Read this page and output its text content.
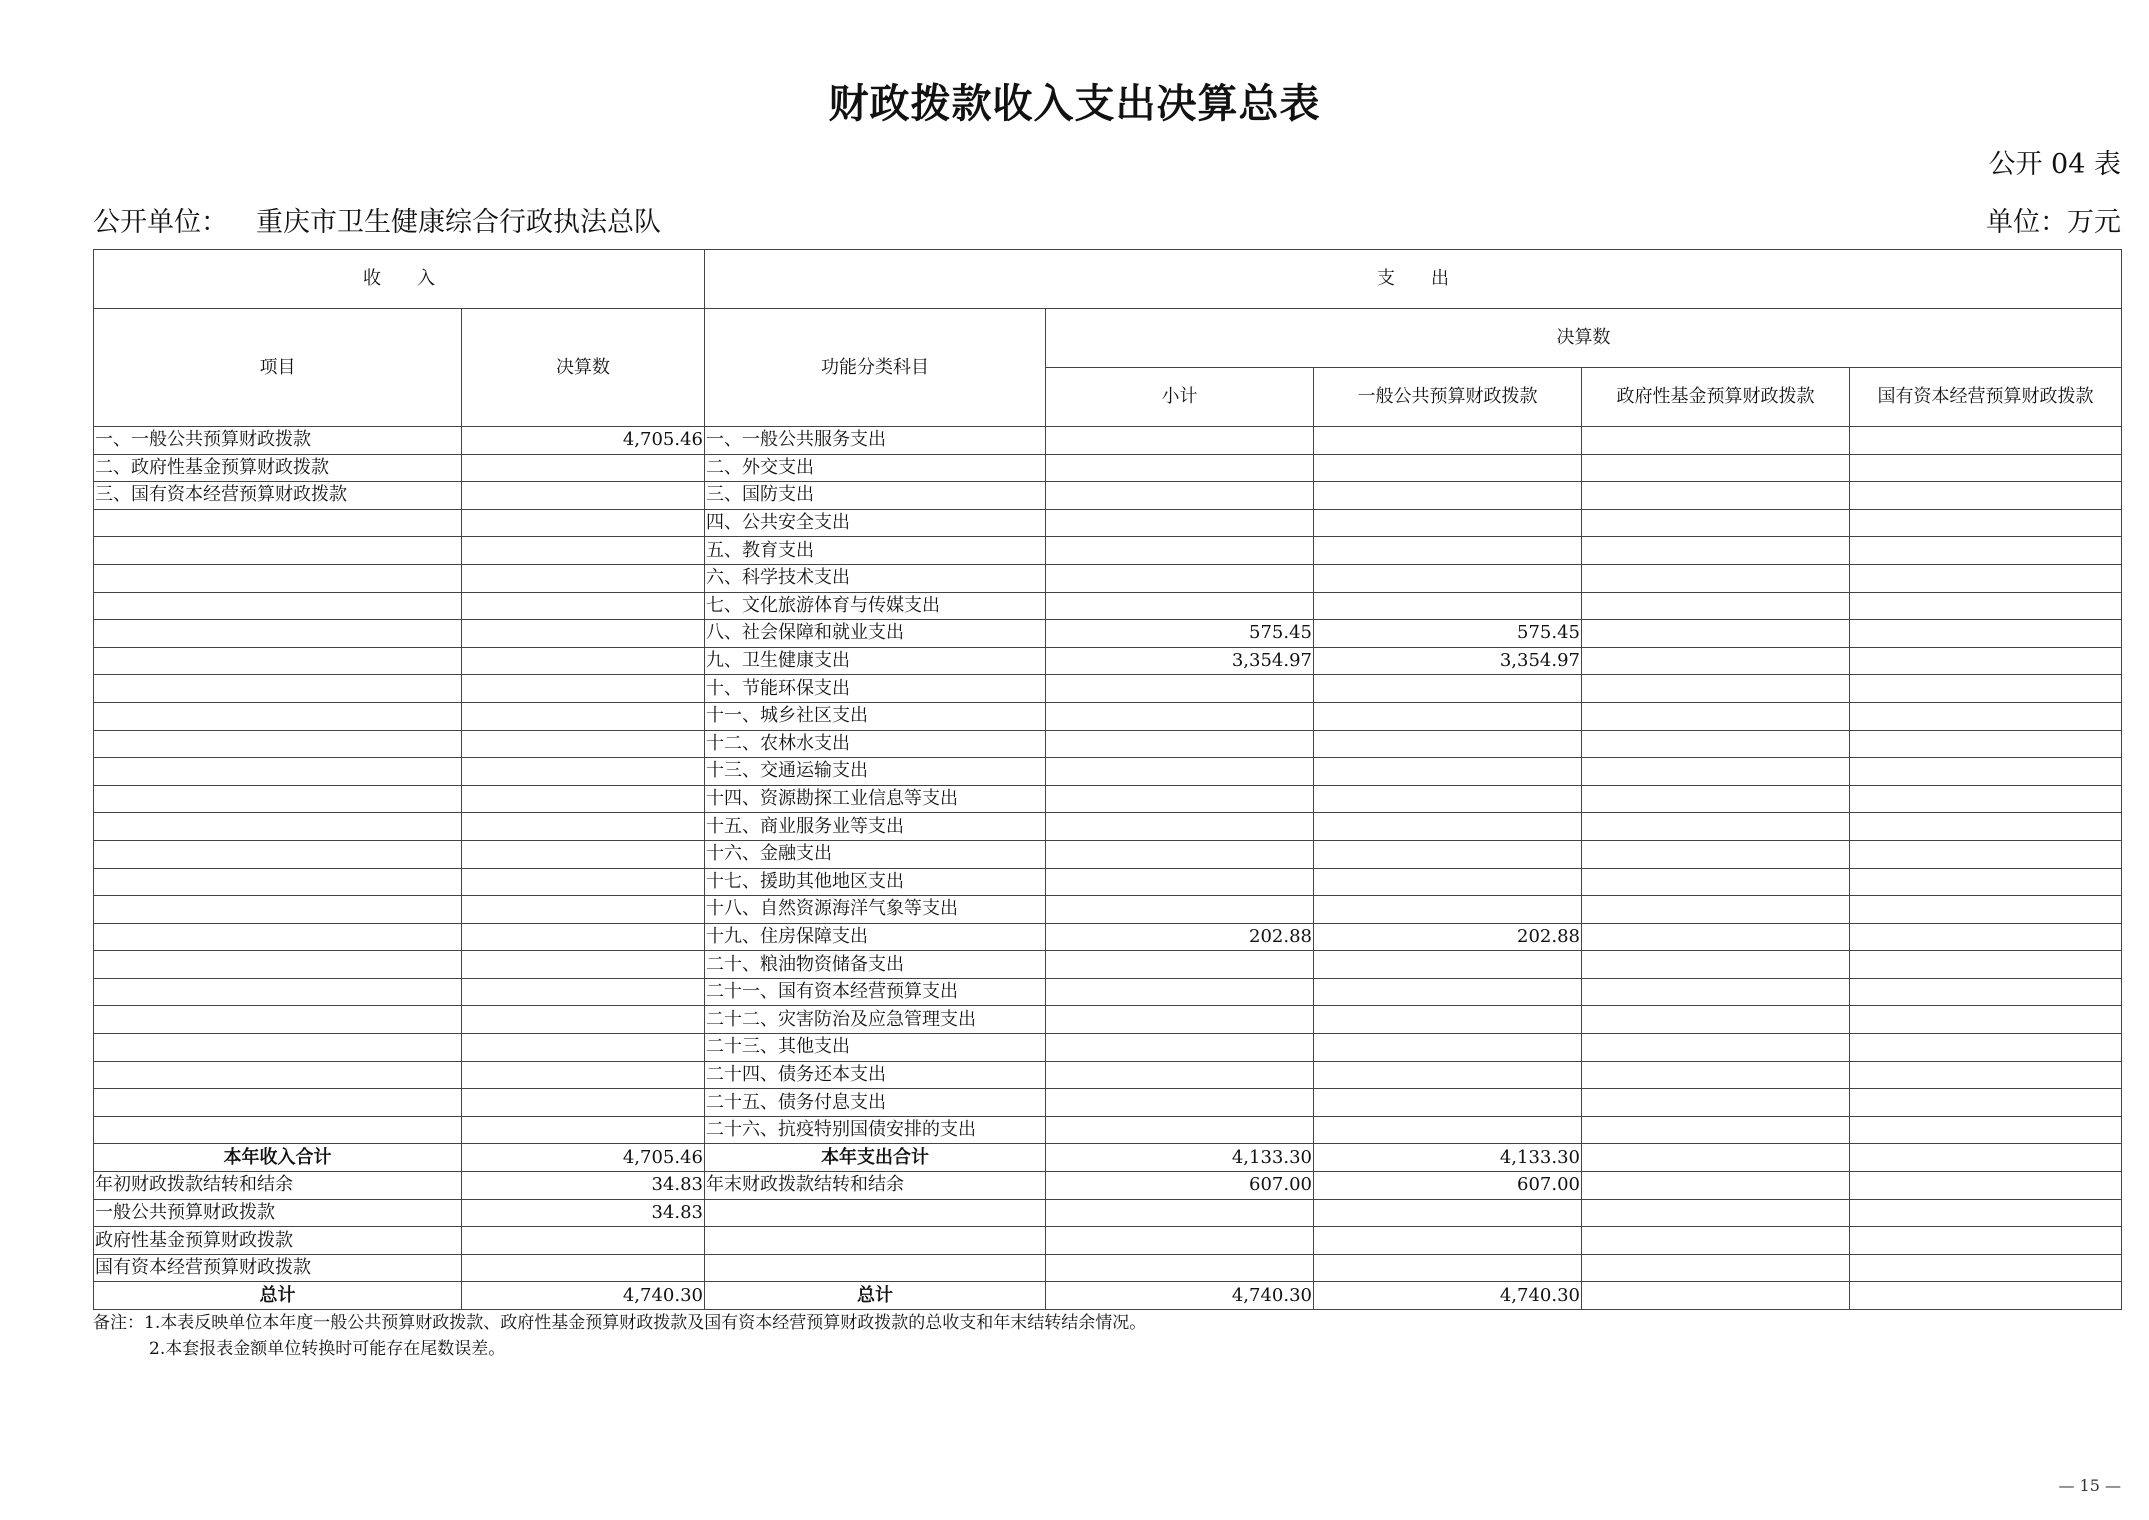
财政拨款收入支出决算总表
公开 04 表
公开单位： 重庆市卫生健康综合行政执法总队	单位：万元
收　　入		支　　出				
项目	决算数	功能分类科目	决算数			
			小计	一般公共预算财政拨款	政府性基金预算财政拨款	国有资本经营预算财政拨款
一、一般公共预算财政拨款	4,705.46	一、一般公共服务支出				
二、政府性基金预算财政拨款		二、外交支出				
三、国有资本经营预算财政拨款		三、国防支出				
		四、公共安全支出				
		五、教育支出				
		六、科学技术支出				
		七、文化旅游体育与传媒支出				
		八、社会保障和就业支出	575.45	575.45		
		九、卫生健康支出	3,354.97	3,354.97		
		十、节能环保支出				
		十一、城乡社区支出				
		十二、农林水支出				
		十三、交通运输支出				
		十四、资源勘探工业信息等支出				
		十五、商业服务业等支出				
		十六、金融支出				
		十七、援助其他地区支出				
		十八、自然资源海洋气象等支出				
		十九、住房保障支出	202.88	202.88		
		二十、粮油物资储备支出				
		二十一、国有资本经营预算支出				
		二十二、灾害防治及应急管理支出				
		二十三、其他支出				
		二十四、债务还本支出				
		二十五、债务付息支出				
		二十六、抗疫特别国债安排的支出				
本年收入合计	4,705.46	本年支出合计	4,133.30	4,133.30		
年初财政拨款结转和结余	34.83	年末财政拨款结转和结余	607.00	607.00		
一般公共预算财政拨款	34.83					
政府性基金预算财政拨款						
国有资本经营预算财政拨款						
总计	4,740.30	总计	4,740.30	4,740.30		
备注：1.本表反映单位本年度一般公共预算财政拨款、政府性基金预算财政拨款及国有资本经营预算财政拨款的总收支和年末结转结余情况。
2.本套报表金额单位转换时可能存在尾数误差。
— 15 —
